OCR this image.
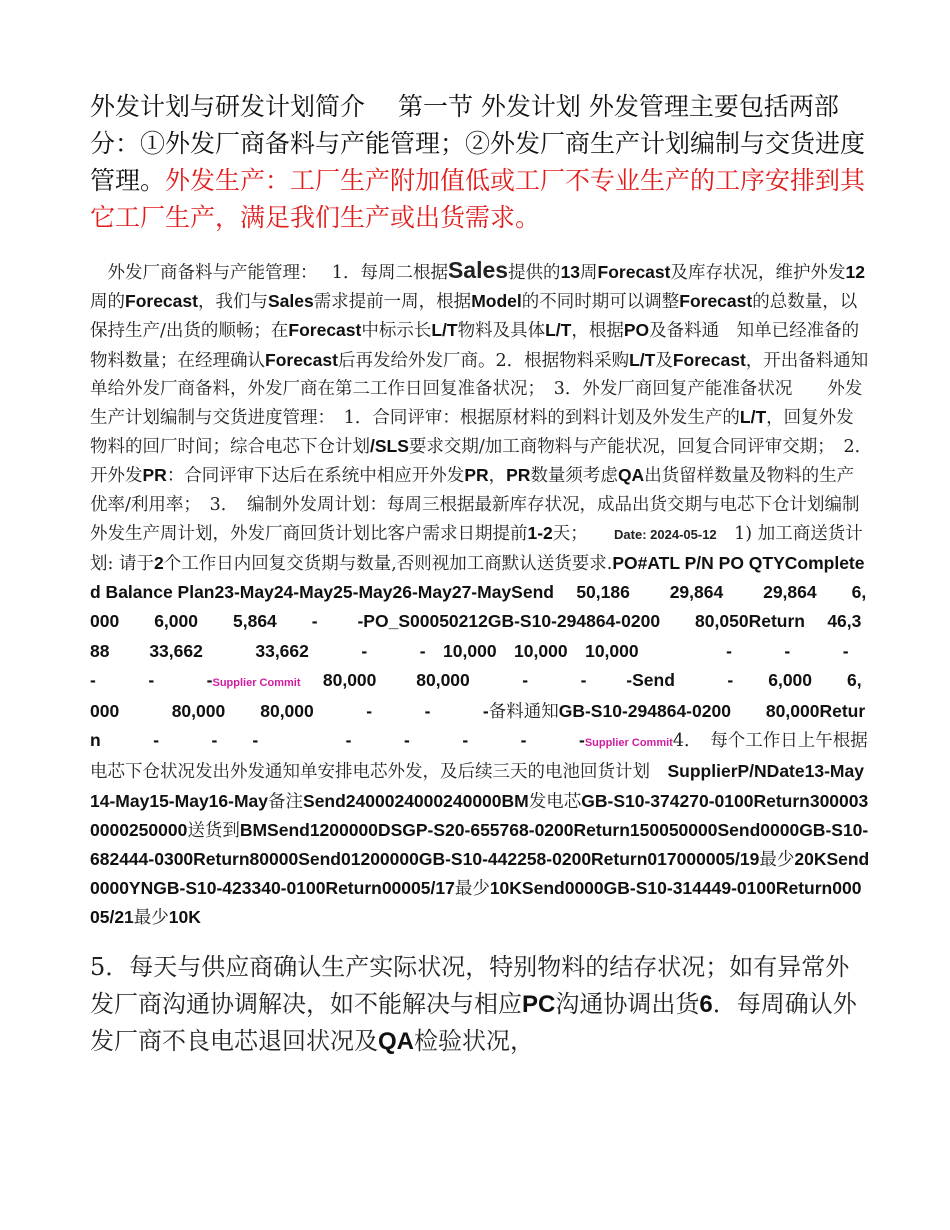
外发计划与研发计划简介　 第一节 外发计划 外发管理主要包括两部分：①外发厂商备料与产能管理；②外发厂商生产计划编制与交货进度管理。外发生产：工厂生产附加值低或工厂不专业生产的工序安排到其它工厂生产，满足我们生产或出货需求。

　外发厂商备料与产能管理：　 1．每周二根据Sales提供的13周Forecast及库存状况，维护外发12周的Forecast，我们与Sales需求提前一周，根据Model的不同时期可以调整Forecast的总数量，以保持生产/出货的顺畅；在Forecast中标示长L/T物料及具体L/T，根据PO及备料通　知单已经准备的物料数量；在经理确认Forecast后再发给外发厂商。2．根据物料采购L/T及Forecast，开出备料通知单给外发厂商备料，外发厂商在第二工作日回复准备状况；　3．外发厂商回复产能准备状况　　外发生产计划编制与交货进度管理：　1．合同评审：根据原材料的到料计划及外发生产的L/T，回复外发物料的回厂时间；综合电芯下仓计划/SLS要求交期/加工商物料与产能状况，回复合同评审交期；　2．　开外发PR：合同评审下达后在系统中相应开外发PR，PR数量须考虑QA出货留样数量及物料的生产优率/利用率；　3．　编制外发周计划：每周三根据最新库存状况，成品出货交期与电芯下仓计划编制外发生产周计划，外发厂商回货计划比客户需求日期提前1-2天；　　Date: 2024-05-12　1) 加工商送货计划: 请于2个工作日内回复交货期与数量,否则视加工商默认送货要求.PO#ATL P/N PO QTYCompleted Balance Plan23-May24-May25-May26-May27-MaySend　 50,186　　 29,864　　 29,864　　6,000　　6,000　　5,864　　-　　 -PO_S00050212GB-S10-294864-0200　　80,050Return　 46,388　　 33,662　　　33,662　　　-　　　-　10,000　10,000　10,000　　　　　-　　　-　　　-　　　-　　　-　　　-Supplier Commit　 80,000　　 80,000　　　-　　　-　　 -Send　　　-　　6,000　　6,000　　　80,000　　80,000　　　-　　　-　　　-备料通知GB-S10-294864-0200　　80,000Return　　　-　　　-　　-　　　　　-　　　-　　　-　　　-　　　-Supplier Commit4．　每个工作日上午根据电芯下仓状况发出外发通知单安排电芯外发，及后续三天的电池回货计划　SupplierP/NDate13-May14-May15-May16-May备注Send2400024000240000BM发电芯GB-S10-374270-0100Return3000030000250000送货到BMSend1200000DSGP-S20-655768-0200Return150050000Send0000GB-S10-682444-0300Return80000Send01200000GB-S10-442258-0200Return017000005/19最少20KSend0000YNGB-S10-423340-0100Return00005/17最少10KSend0000GB-S10-314449-0100Return00005/21最少10K

5．每天与供应商确认生产实际状况，特别物料的结存状况；如有异常外发厂商沟通协调解决，如不能解决与相应PC沟通协调出货6．每周确认外发厂商不良电芯退回状况及QA检验状况，
